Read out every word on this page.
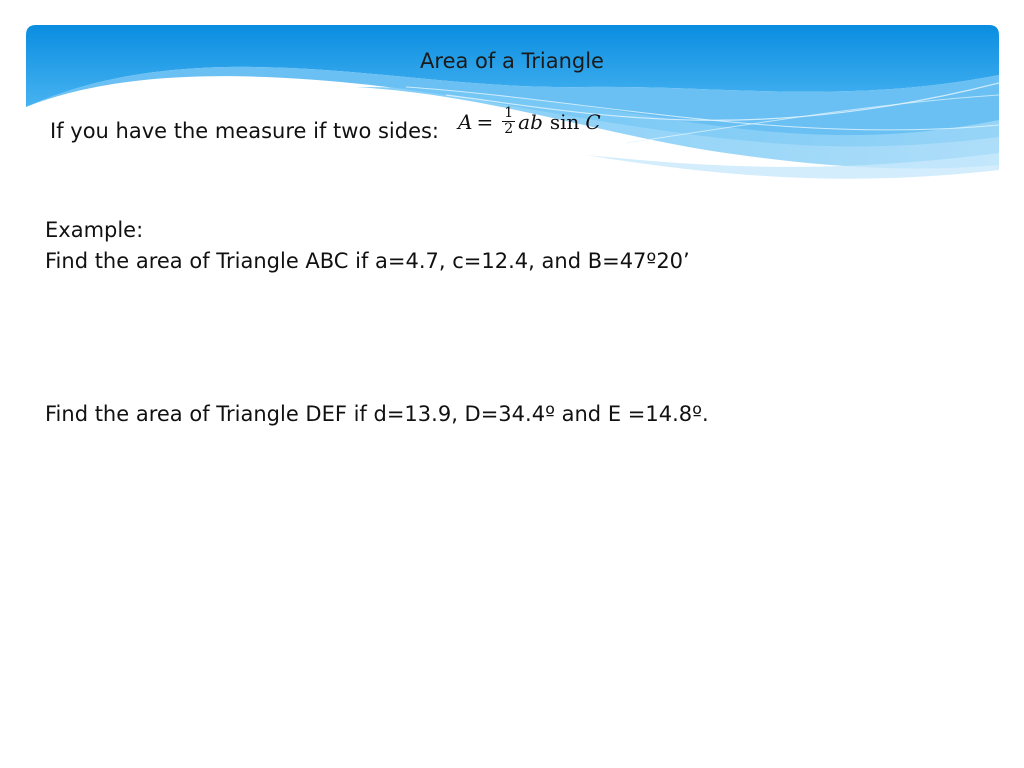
Area of a Triangle

If you have the measure if two sides: $A = \frac{1}{2}$ ab sin C

Example:

Find the area of Triangle ABC if a=4.7, c=12.4, and B=47º20’

Find the area of Triangle DEF if d=13.9, D=34.4º and E =14.8º.
